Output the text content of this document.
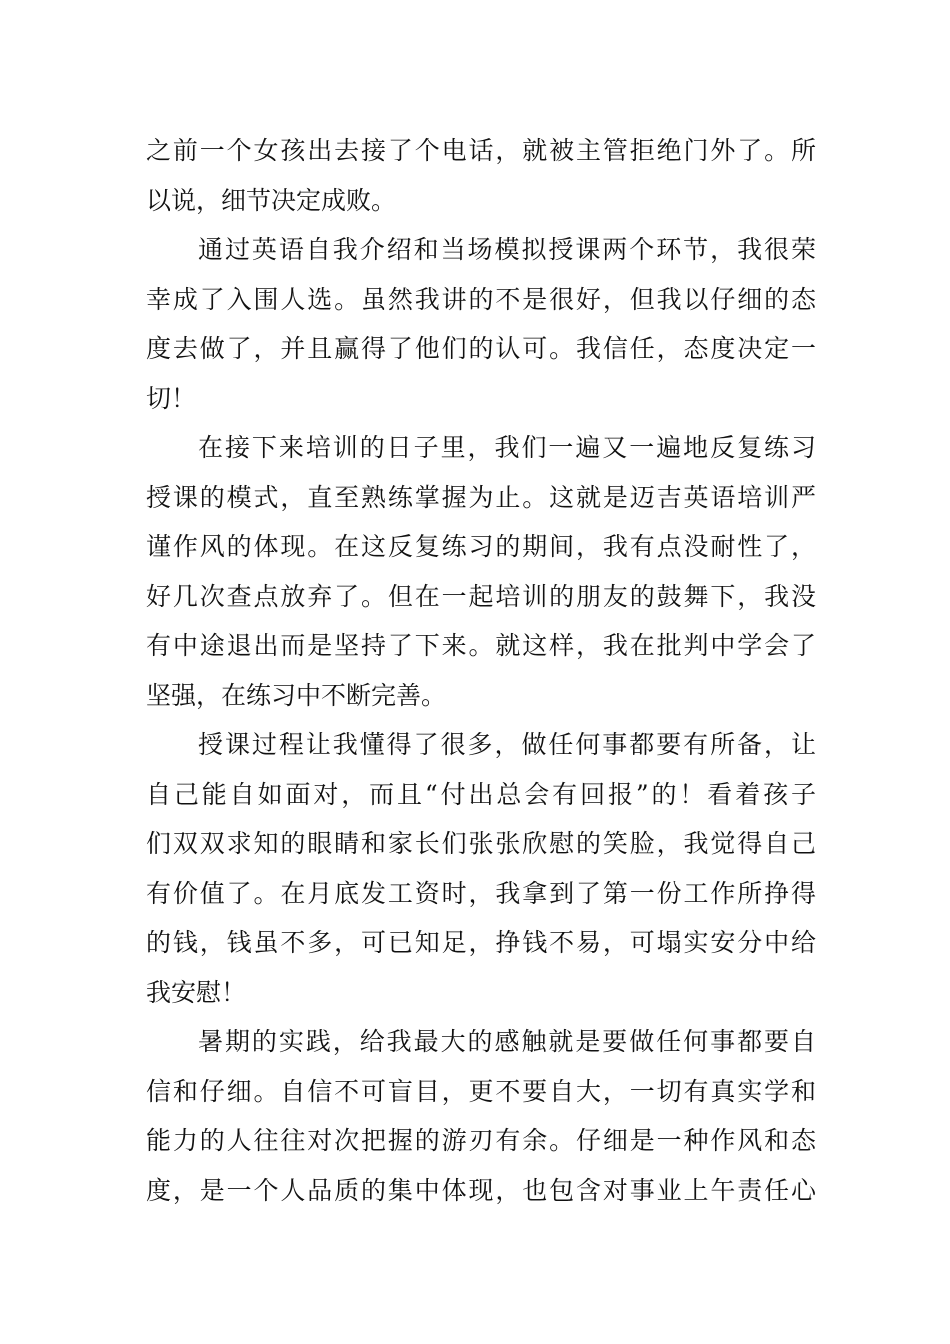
之前一个女孩出去接了个电话，就被主管拒绝门外了。所
以说，细节决定成败。
通过英语自我介绍和当场模拟授课两个环节，我很荣
幸成了入围人选。虽然我讲的不是很好，但我以仔细的态
度去做了，并且赢得了他们的认可。我信任，态度决定一
切！
在接下来培训的日子里，我们一遍又一遍地反复练习
授课的模式，直至熟练掌握为止。这就是迈吉英语培训严
谨作风的体现。在这反复练习的期间，我有点没耐性了，
好几次查点放弃了。但在一起培训的朋友的鼓舞下，我没
有中途退出而是坚持了下来。就这样，我在批判中学会了
坚强，在练习中不断完善。
授课过程让我懂得了很多，做任何事都要有所备，让
自己能自如面对，而且“付出总会有回报”的！看着孩子
们双双求知的眼睛和家长们张张欣慰的笑脸，我觉得自己
有价值了。在月底发工资时，我拿到了第一份工作所挣得
的钱，钱虽不多，可已知足，挣钱不易，可塌实安分中给
我安慰！
暑期的实践，给我最大的感触就是要做任何事都要自
信和仔细。自信不可盲目，更不要自大，一切有真实学和
能力的人往往对次把握的游刃有余。仔细是一种作风和态
度，是一个人品质的集中体现，也包含对事业上午责任心
